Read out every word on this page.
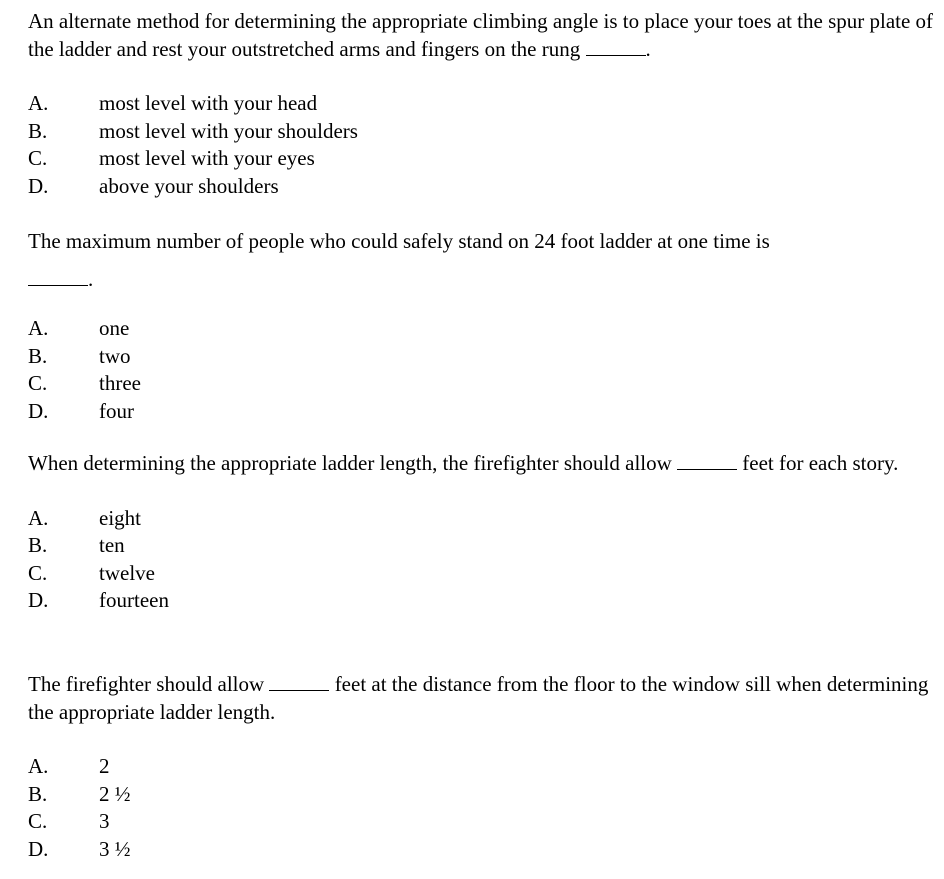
An alternate method for determining the appropriate climbing angle is to place your toes at the spur plate of the ladder and rest your outstretched arms and fingers on the rung	.

A.	most level with your head
B.	most level with your shoulders
C.	most level with your eyes
D.	above your shoulders

The maximum number of people who could safely stand on 24 foot ladder at one time is

.

A.	one
B.	two
C.	three
D.	four

When determining the appropriate ladder length, the firefighter should allow	feet for each story.

A.	eight
B.	ten
C.	twelve
D.	fourteen

The firefighter should allow	feet at the distance from the floor to the window sill when determining the appropriate ladder length.

A.	2
B.	2 ½
C.	3
D.	3 ½
